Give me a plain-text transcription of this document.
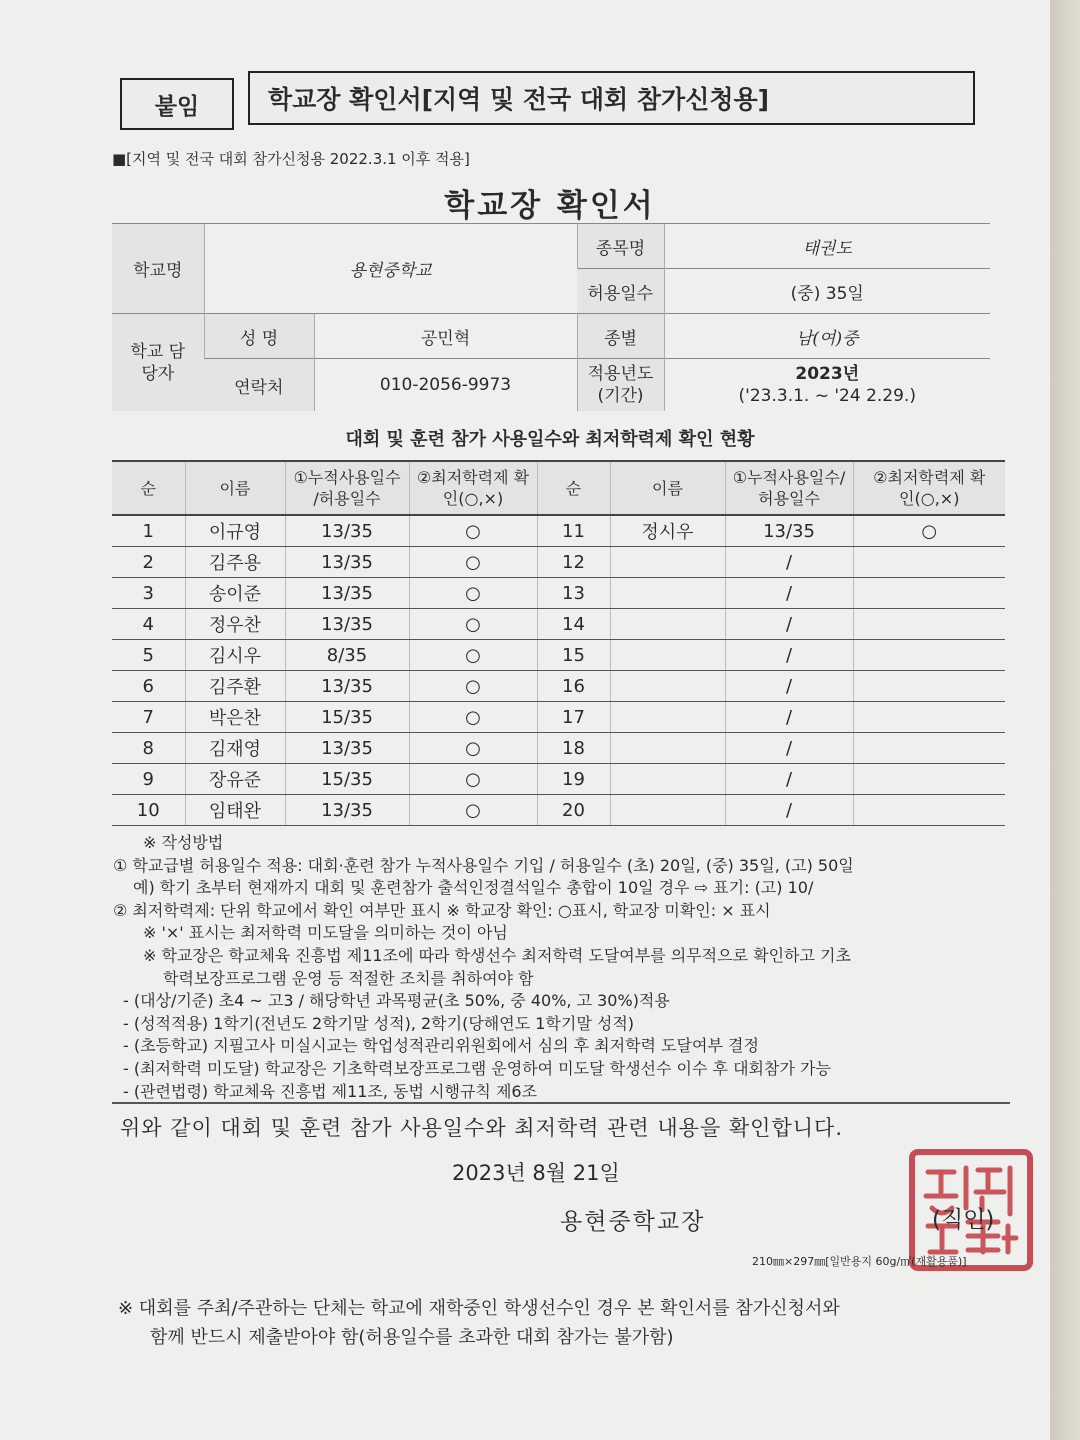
붙임	학교장 확인서[지역 및 전국 대회 참가신청용]
■[지역 및 전국 대회 참가신청용 2022.3.1 이후 적용]
학교장 확인서
학교명	용현중학교		종목명	태권도
			허용일수	(중) 35일
학교 담당자	성 명	공민혁	종별	남(여)중
	연락처	010-2056-9973	적용년도 (기간)	2023년
('23.3.1. ~ '24 2.29.)
대회 및 훈련 참가 사용일수와 최저학력제 확인 현황
순	이름	①누적사용일수 /허용일수	②최저학력제 확인(○,×)	순	이름	①누적사용일수/ 허용일수	②최저학력제 확인(○,×)
1	이규영	13/35	○	11	정시우	13/35	○
2	김주용	13/35	○	12		/	
3	송이준	13/35	○	13		/	
4	정우찬	13/35	○	14		/	
5	김시우	8/35	○	15		/	
6	김주환	13/35	○	16		/	
7	박은찬	15/35	○	17		/	
8	김재영	13/35	○	18		/	
9	장유준	15/35	○	19		/	
10	임태완	13/35	○	20		/	
※ 작성방법
① 학교급별 허용일수 적용: 대회·훈련 참가 누적사용일수 기입 / 허용일수 (초) 20일, (중) 35일, (고) 50일
예) 학기 초부터 현재까지 대회 및 훈련참가 출석인정결석일수 총합이 10일 경우 ⇨ 표기: (고) 10/
② 최저학력제: 단위 학교에서 확인 여부만 표시 ※ 학교장 확인: ○표시, 학교장 미확인: × 표시
※ '×' 표시는 최저학력 미도달을 의미하는 것이 아님
※ 학교장은 학교체육 진흥법 제11조에 따라 학생선수 최저학력 도달여부를 의무적으로 확인하고 기초
학력보장프로그램 운영 등 적절한 조치를 취하여야 함
- (대상/기준) 초4 ~ 고3 / 해당학년 과목평균(초 50%, 중 40%, 고 30%)적용
- (성적적용) 1학기(전년도 2학기말 성적), 2학기(당해연도 1학기말 성적)
- (초등학교) 지필고사 미실시교는 학업성적관리위원회에서 심의 후 최저학력 도달여부 결정
- (최저학력 미도달) 학교장은 기초학력보장프로그램 운영하여 미도달 학생선수 이수 후 대회참가 가능
- (관련법령) 학교체육 진흥법 제11조, 동법 시행규칙 제6조
위와 같이 대회 및 훈련 참가 사용일수와 최저학력 관련 내용을 확인합니다.
2023년 8월 21일
용현중학교장	(직인)
210㎜×297㎜[일반용지 60g/㎡(재활용품)]
※ 대회를 주최/주관하는 단체는 학교에 재학중인 학생선수인 경우 본 확인서를 참가신청서와
함께 반드시 제출받아야 함(허용일수를 초과한 대회 참가는 불가함)
